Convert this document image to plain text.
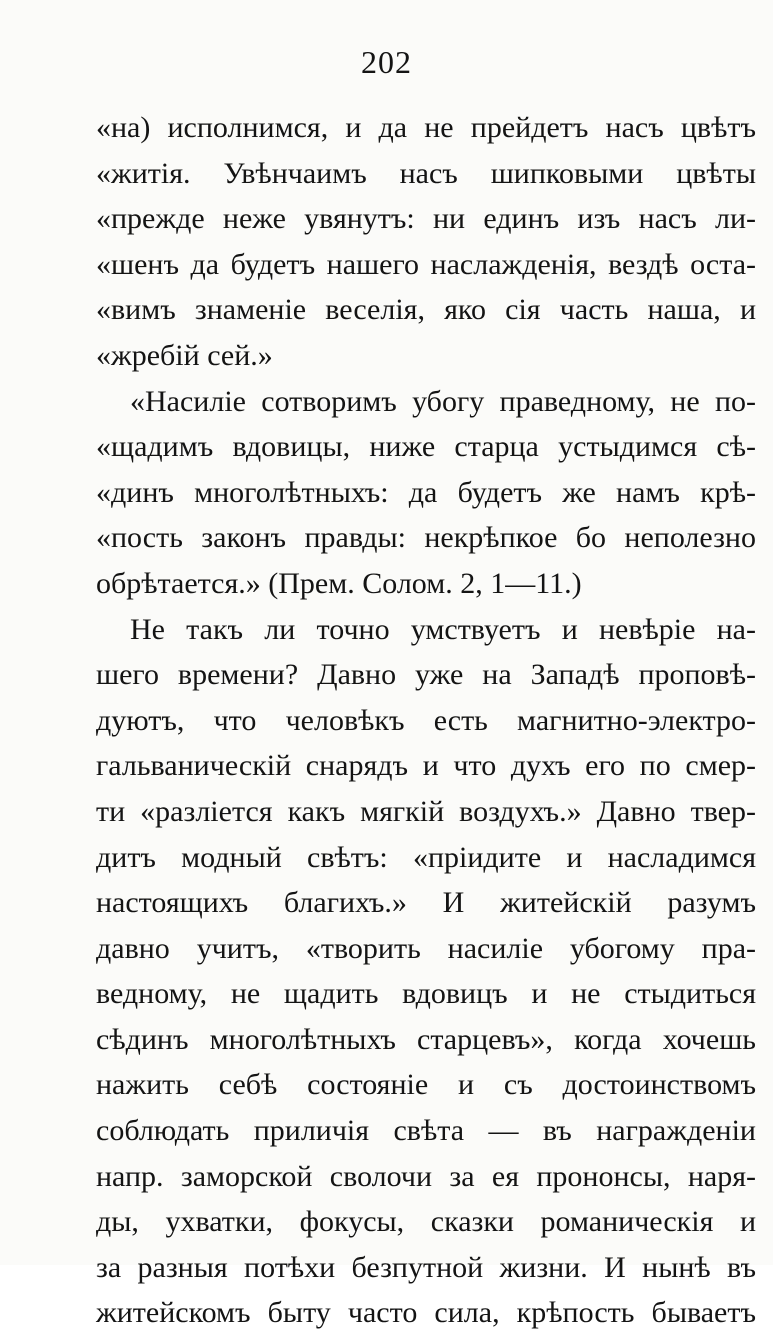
202
«на) исполнимся, и да не прейдетъ насъ цвѣтъ
«житія. Увѣнчаимъ насъ шипковыми цвѣты
«прежде неже увянутъ: ни единъ изъ насъ ли-
«шенъ да будетъ нашего наслажденія, вездѣ оста-
«вимъ знаменіе веселія, яко сія часть наша, и
«жребій сей.»
«Насиліе сотворимъ убогу праведному, не по-
«щадимъ вдовицы, ниже старца устыдимся сѣ-
«динъ многолѣтныхъ: да будетъ же намъ крѣ-
«пость законъ правды: некрѣпкое бо неполезно
обрѣтается.» (Прем. Солом. 2, 1—11.)
Не такъ ли точно умствуетъ и невѣріе на-
шего времени? Давно уже на Западѣ проповѣ-
дуютъ, что человѣкъ есть магнитно-электро-
гальваническій снарядъ и что духъ его по смер-
ти «разліется какъ мягкій воздухъ.» Давно твер-
дитъ модный свѣтъ: «пріидите и насладимся
настоящихъ благихъ.» И житейскій разумъ
давно учитъ, «творить насиліе убогому пра-
ведному, не щадить вдовицъ и не стыдиться
сѣдинъ многолѣтныхъ старцевъ», когда хочешь
нажить себѣ состояніе и съ достоинствомъ
соблюдать приличія свѣта — въ награжденіи
напр. заморской сволочи за ея прононсы, наря-
ды, ухватки, фокусы, сказки романическія и
за разныя потѣхи безпутной жизни. И нынѣ въ
житейскомъ быту часто сила, крѣпость бываетъ
